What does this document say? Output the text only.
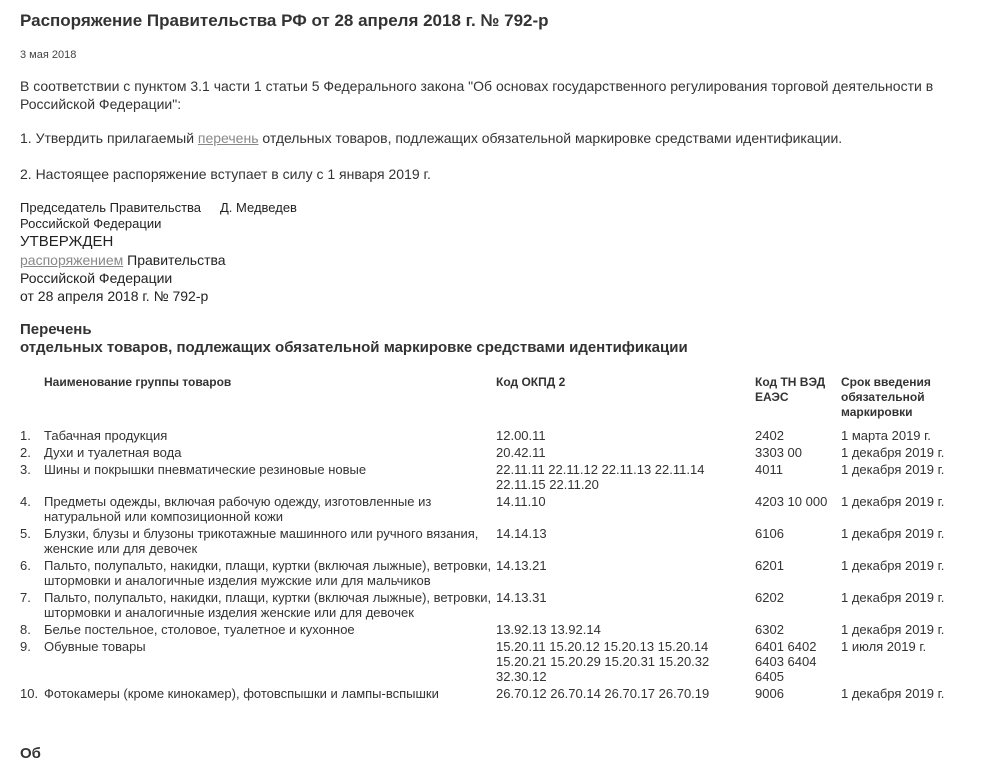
Распоряжение Правительства РФ от 28 апреля 2018 г. № 792-р
3 мая 2018
В соответствии с пунктом 3.1 части 1 статьи 5 Федерального закона "Об основах государственного регулирования торговой деятельности в Российской Федерации":
1. Утвердить прилагаемый перечень отдельных товаров, подлежащих обязательной маркировке средствами идентификации.
2. Настоящее распоряжение вступает в силу с 1 января 2019 г.
Председатель Правительства
Российской ФедерацииД. Медведев
УТВЕРЖДЕН
распоряжением Правительства
Российской Федерации
от 28 апреля 2018 г. № 792-р
Перечень
отдельных товаров, подлежащих обязательной маркировке средствами идентификации
	Наименование группы товаров	Код ОКПД 2	Код ТН ВЭД ЕАЭС	Срок введения обязательной маркировки
1.	Табачная продукция	12.00.11	2402	1 марта 2019 г.
2.	Духи и туалетная вода	20.42.11	3303 00	1 декабря 2019 г.
3.	Шины и покрышки пневматические резиновые новые	22.11.11 22.11.12 22.11.13 22.11.14 22.11.15 22.11.20	4011	1 декабря 2019 г.
4.	Предметы одежды, включая рабочую одежду, изготовленные из натуральной или композиционной кожи	14.11.10	4203 10 000	1 декабря 2019 г.
5.	Блузки, блузы и блузоны трикотажные машинного или ручного вязания, женские или для девочек	14.14.13	6106	1 декабря 2019 г.
6.	Пальто, полупальто, накидки, плащи, куртки (включая лыжные), ветровки, штормовки и аналогичные изделия мужские или для мальчиков	14.13.21	6201	1 декабря 2019 г.
7.	Пальто, полупальто, накидки, плащи, куртки (включая лыжные), ветровки, штормовки и аналогичные изделия женские или для девочек	14.13.31	6202	1 декабря 2019 г.
8.	Белье постельное, столовое, туалетное и кухонное	13.92.13 13.92.14	6302	1 декабря 2019 г.
9.	Обувные товары	15.20.11 15.20.12 15.20.13 15.20.14 15.20.21 15.20.29 15.20.31 15.20.32 32.30.12	6401 6402 6403 6404 6405	1 июля 2019 г.
10.	Фотокамеры (кроме кинокамер), фотовспышки и лампы-вспышки	26.70.12 26.70.14 26.70.17 26.70.19	9006	1 декабря 2019 г.
Об
